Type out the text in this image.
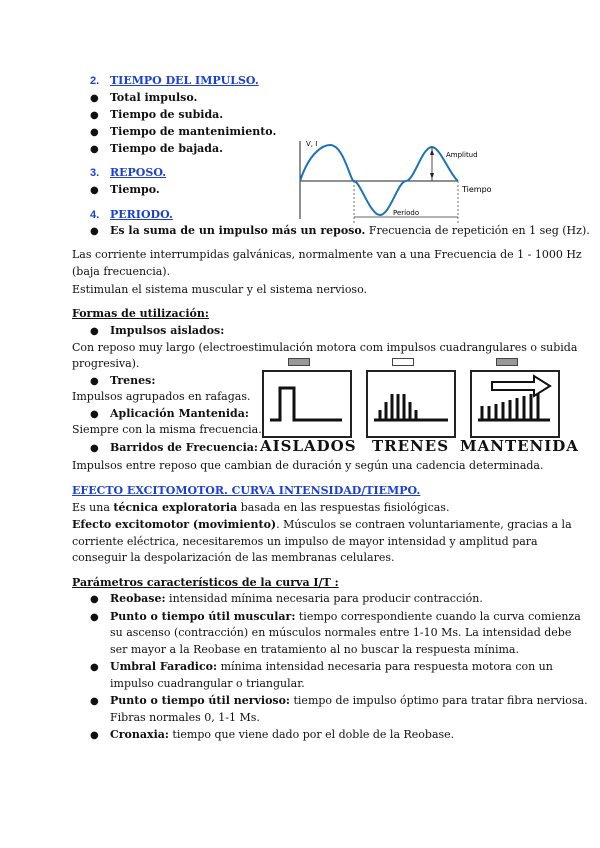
2. TIEMPO DEL IMPULSO.
● Total impulso.
● Tiempo de subida.
● Tiempo de mantenimiento.
● Tiempo de bajada.
3. REPOSO.
● Tiempo.
4. PERIODO.
● Es la suma de un impulso más un reposo. Frecuencia de repetición en 1 seg (Hz).
V, I
Amplitud
Tiempo
Período
Las corriente interrumpidas galvánicas, normalmente van a una Frecuencia de 1 - 1000 Hz
(baja frecuencia).
Estimulan el sistema muscular y el sistema nervioso.
Formas de utilización:
● Impulsos aislados:
Con reposo muy largo (electroestimulación motora com impulsos cuadrangulares o subida
progresiva).
● Trenes:
Impulsos agrupados en rafagas.
● Aplicación Mantenida:
Siempre con la misma frecuencia.
● Barridos de Frecuencia:
Impulsos entre reposo que cambian de duración y según una cadencia determinada.
AISLADOS TRENES MANTENIDA
EFECTO EXCITOMOTOR. CURVA INTENSIDAD/TIEMPO.
Es una técnica exploratoria basada en las respuestas fisiológicas.
Efecto excitomotor (movimiento). Músculos se contraen voluntariamente, gracias a la
corriente eléctrica, necesitaremos un impulso de mayor intensidad y amplitud para
conseguir la despolarización de las membranas celulares.
Parámetros característicos de la curva I/T :
● Reobase: intensidad mínima necesaria para producir contracción.
● Punto o tiempo útil muscular: tiempo correspondiente cuando la curva comienza
su ascenso (contracción) en músculos normales entre 1-10 Ms. La intensidad debe
ser mayor a la Reobase en tratamiento al no buscar la respuesta mínima.
● Umbral Faradico: mínima intensidad necesaria para respuesta motora con un
impulso cuadrangular o triangular.
● Punto o tiempo útil nervioso: tiempo de impulso óptimo para tratar fibra nerviosa.
Fibras normales 0, 1-1 Ms.
● Cronaxia: tiempo que viene dado por el doble de la Reobase.
